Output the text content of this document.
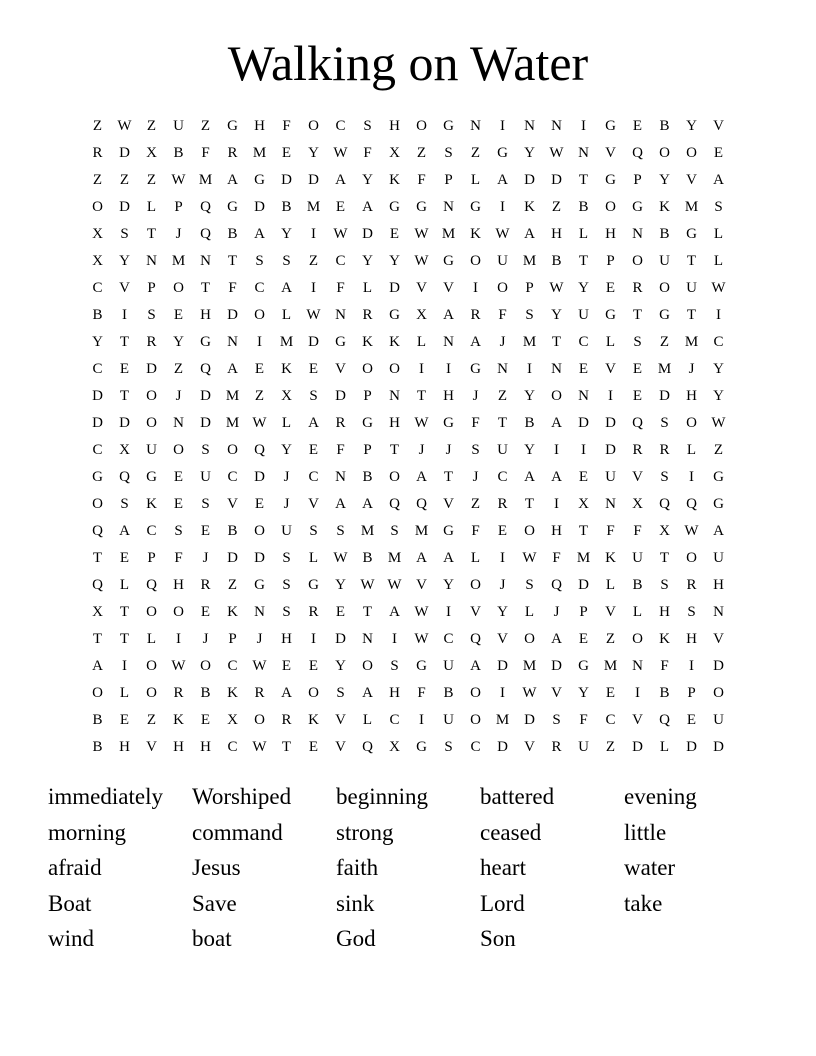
Walking on Water
Z	W	Z	U	Z	G	H	F	O	C	S	H	O	G	N	I	N	N	I	G	E	B	Y	V
R	D	X	B	F	R	M	E	Y W	F	X	Z	S	Z	G	Y W N	V	Q	O	O	E
Z	Z	Z	W M A	G	D	D	A	Y	K	F	P	L	A	D	D	T	G	P	Y	V	A
O	D	L	P	Q	G	D	B	M	E	A	G	G	N	G	I	K	Z	B	O	G	K M	S
X	S	T	J	Q	B	A	Y	I	W D	E	W M K W A	H	L	H	N	B	G	L
X	Y	N M N	T	S	S	Z	C	Y	Y W G	O	U M	B	T	P	O	U	T	L
C	V	P	O	T	F	C	A	I	F	L	D	V	V	I	O	P	W Y	E	R	O	U W
B	I	S	E	H	D	O	L	W N	R	G	X	A	R	F	S	Y	U	G	T	G	T	I
Y	T	R	Y	G	N	I	M D	G	K	K	L	N	A	J	M	T	C	L	S	Z	M	C
C	E	D	Z	Q	A	E	K	E	V	O	O	I	I	G	N	I	N	E	V	E	M	J	Y
D	T	O	J	D M	Z	X	S	D	P	N	T	H	J	Z	Y	O	N	I	E	D	H	Y
D	D	O	N	D M W	L	A	R	G	H W G	F	T	B	A	D	D	Q	S	O W
C	X	U	O	S	O	Q	Y	E	F	P	T	J	J	S	U	Y	I	I	D	R	R	L	Z
G	Q	G	E	U	C	D	J	C	N	B	O	A	T	J	C	A	A	E	U	V	S	I	G
O	S	K	E	S	V	E	J	V	A	A	Q	Q	V	Z	R	T	I	X	N	X	Q	Q	G
Q	A	C	S	E	B	O	U	S	S	M	S	M G	F	E	O	H	T	F	F	X W A
T	E	P	F	J	D	D	S	L	W B	M A	A	L	I	W	F	M K	U	T	O	U
Q	L	Q	H	R	Z	G	S	G	Y W W V	Y	O	J	S	Q	D	L	B	S	R	H
X	T	O	O	E	K	N	S	R	E	T	A W	I	V	Y	L	J	P	V	L	H	S	N
T	T	L	I	J	P	J	H	I	D	N	I	W C	Q	V	O	A	E	Z	O	K	H	V
A	I	O W O	C W	E	E	Y	O	S	G	U	A	D M D	G M N	F	I	D
O	L	O	R	B	K	R	A	O	S	A	H	F	B	O	I	W V	Y	E	I	B	P	O
B	E	Z	K	E	X	O	R	K	V	L	C	I	U	O M D	S	F	C	V	Q	E	U
B	H	V	H	H	C W	T	E	V	Q	X	G	S	C	D	V	R	U	Z	D	L	D	D
immediately	Worshiped	beginning	battered	evening
morning	command	strong	ceased	little
afraid	Jesus	faith	heart	water
Boat	Save	sink	Lord	take
wind	boat	God	Son
